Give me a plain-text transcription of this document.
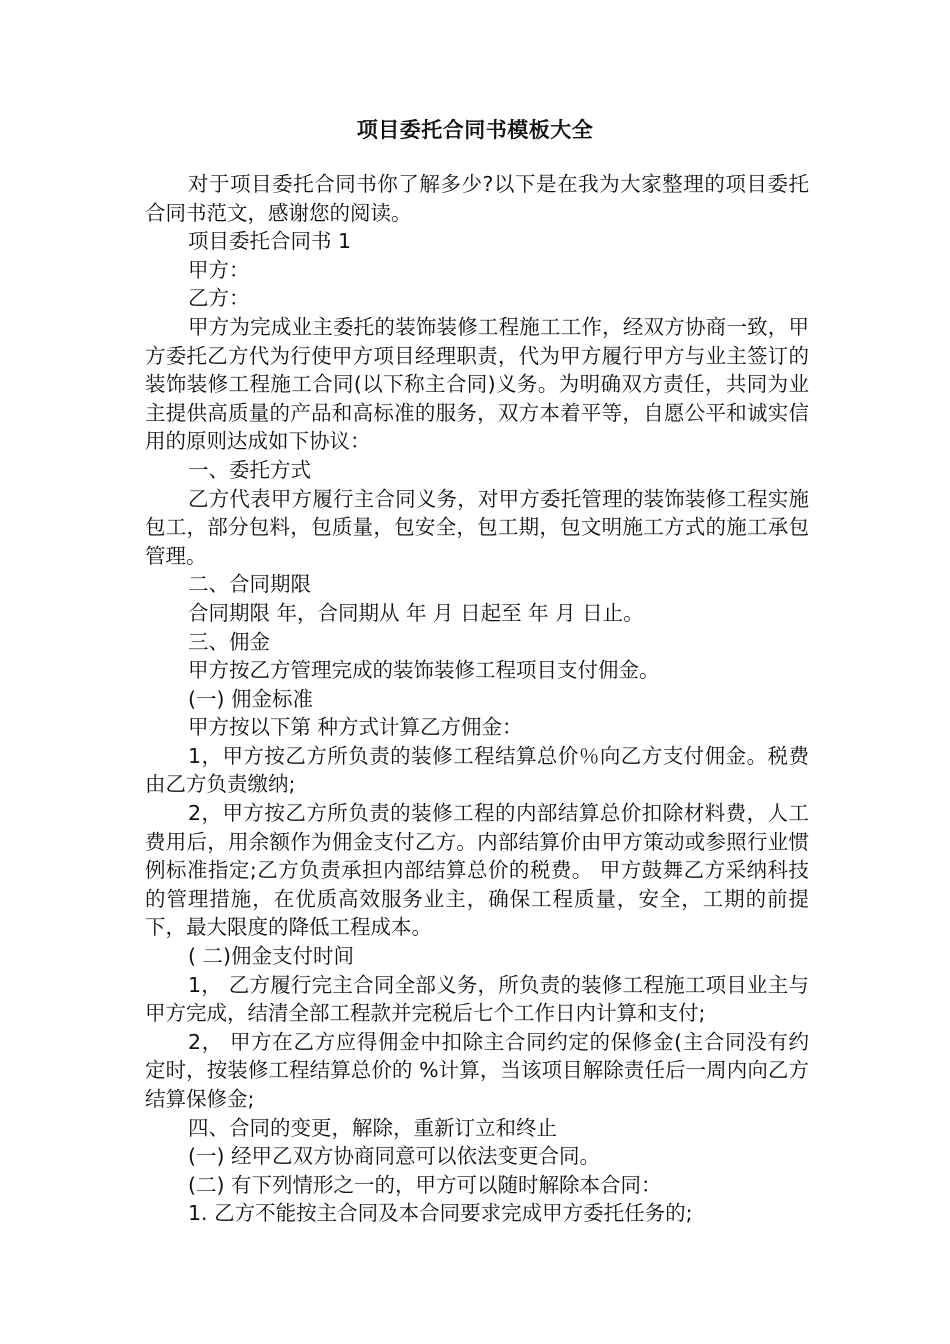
项目委托合同书模板大全

对于项目委托合同书你了解多少?以下是在我为大家整理的项目委托合同书范文，感谢您的阅读。

项目委托合同书 1

甲方：

乙方：

甲方为完成业主委托的装饰装修工程施工工作，经双方协商一致，甲方委托乙方代为行使甲方项目经理职责，代为甲方履行甲方与业主签订的装饰装修工程施工合同(以下称主合同)义务。为明确双方责任，共同为业主提供高质量的产品和高标准的服务，双方本着平等，自愿公平和诚实信用的原则达成如下协议：

一、委托方式

乙方代表甲方履行主合同义务，对甲方委托管理的装饰装修工程实施包工，部分包料，包质量，包安全，包工期，包文明施工方式的施工承包管理。

二、合同期限

合同期限 年，合同期从 年 月 日起至 年 月 日止。

三、佣金

甲方按乙方管理完成的装饰装修工程项目支付佣金。

(一) 佣金标准

甲方按以下第 种方式计算乙方佣金：

1，甲方按乙方所负责的装修工程结算总价％向乙方支付佣金。税费由乙方负责缴纳;

2，甲方按乙方所负责的装修工程的内部结算总价扣除材料费，人工费用后，用余额作为佣金支付乙方。内部结算价由甲方策动或参照行业惯例标准指定;乙方负责承担内部结算总价的税费。 甲方鼓舞乙方采纳科技的管理措施，在优质高效服务业主，确保工程质量，安全，工期的前提下，最大限度的降低工程成本。

( 二)佣金支付时间

1， 乙方履行完主合同全部义务，所负责的装修工程施工项目业主与甲方完成，结清全部工程款并完税后七个工作日内计算和支付;

2， 甲方在乙方应得佣金中扣除主合同约定的保修金(主合同没有约定时，按装修工程结算总价的 %计算，当该项目解除责任后一周内向乙方结算保修金;

四、合同的变更，解除，重新订立和终止

(一) 经甲乙双方协商同意可以依法变更合同。

(二) 有下列情形之一的，甲方可以随时解除本合同：

1. 乙方不能按主合同及本合同要求完成甲方委托任务的;
